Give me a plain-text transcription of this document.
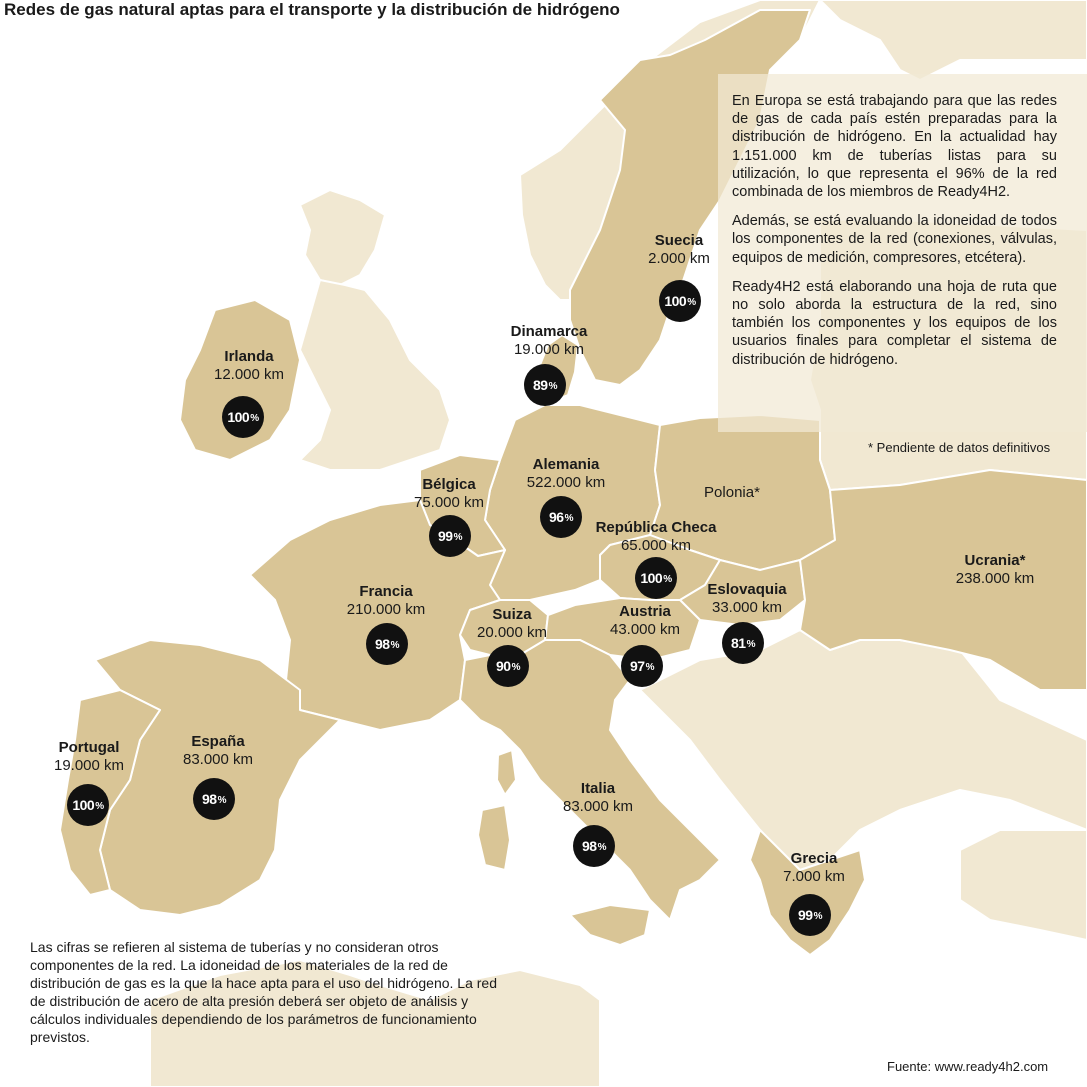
Redes de gas natural aptas para el transporte y la distribución de hidrógeno

En Europa se está trabajando para que las redes de gas de cada país estén preparadas para la distribución de hidrógeno. En la actualidad hay 1.151.000 km de tuberías listas para su utilización, lo que representa el 96% de la red combinada de los miembros de Ready4H2.

Además, se está evaluando la idoneidad de todos los componentes de la red (conexiones, válvulas, equipos de medición, compresores, etcétera).

Ready4H2 está elaborando una hoja de ruta que no solo aborda la estructura de la red, sino también los componentes y los equipos de los usuarios finales para completar el sistema de distribución de hidrógeno.

* Pendiente de datos definitivos
Suecia
2.000 km
100 %
Dinamarca
19.000 km
89 %
Irlanda
12.000 km
100 %
Alemania
522.000 km
96 %
Bélgica
75.000 km
99 %
República Checa
65.000 km
100 %
Polonia*
Ucrania*
238.000 km
Francia
210.000 km
98 %
Suiza
20.000 km
90 %
Austria
43.000 km
97 %
Eslovaquia
33.000 km
81 %
Portugal
19.000 km
100 %
España
83.000 km
98 %
Italia
83.000 km
98 %
Grecia
7.000 km
99 %
Las cifras se refieren al sistema de tuberías y no consideran otros componentes de la red. La idoneidad de los materiales de la red de distribución de gas es la que la hace apta para el uso del hidrógeno. La red de distribución de acero de alta presión deberá ser objeto de análisis y cálculos individuales dependiendo de los parámetros de funcionamiento previstos.
Fuente: www.ready4h2.com
